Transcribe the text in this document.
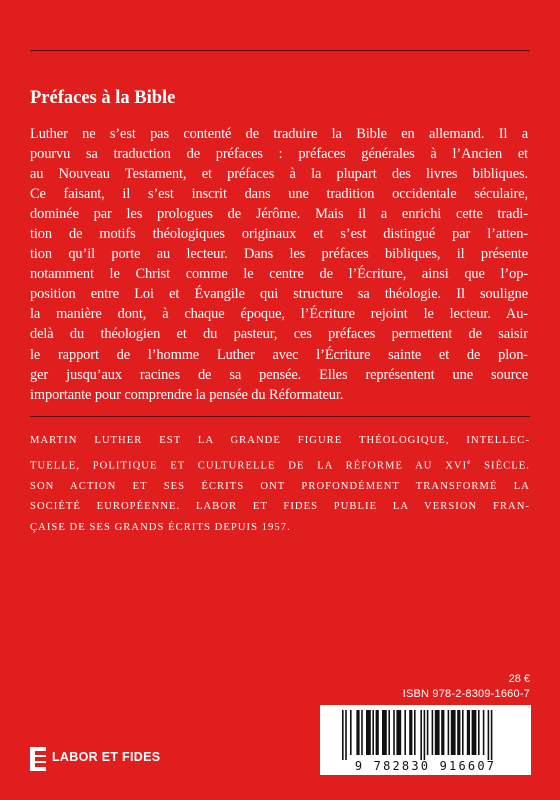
Préfaces à la Bible

Luther ne s’est pas contenté de traduire la Bible en allemand. Il a
pourvu sa traduction de préfaces : préfaces générales à l’Ancien et
au Nouveau Testament, et préfaces à la plupart des livres bibliques.
Ce faisant, il s’est inscrit dans une tradition occidentale séculaire,
dominée par les prologues de Jérôme. Mais il a enrichi cette tradi-
tion de motifs théologiques originaux et s’est distingué par l’atten-
tion qu’il porte au lecteur. Dans les préfaces bibliques, il présente
notamment le Christ comme le centre de l’Écriture, ainsi que l’op-
position entre Loi et Évangile qui structure sa théologie. Il souligne
la manière dont, à chaque époque, l’Écriture rejoint le lecteur. Au-
delà du théologien et du pasteur, ces préfaces permettent de saisir
le rapport de l’homme Luther avec l’Écriture sainte et de plon-
ger jusqu’aux racines de sa pensée. Elles représentent une source
importante pour comprendre la pensée du Réformateur.

MARTIN LUTHER EST LA GRANDE FIGURE THÉOLOGIQUE, INTELLEC-
TUELLE, POLITIQUE ET CULTURELLE DE LA RÉFORME AU XVIe SIÈCLE.
SON ACTION ET SES ÉCRITS ONT PROFONDÉMENT TRANSFORMÉ LA
SOCIÉTÉ EUROPÉENNE. LABOR ET FIDES PUBLIE LA VERSION FRAN-
ÇAISE DE SES GRANDS ÉCRITS DEPUIS 1957.

28 €
ISBN 978-2-8309-1660-7
9 782830 916607
LABOR ET FIDES
